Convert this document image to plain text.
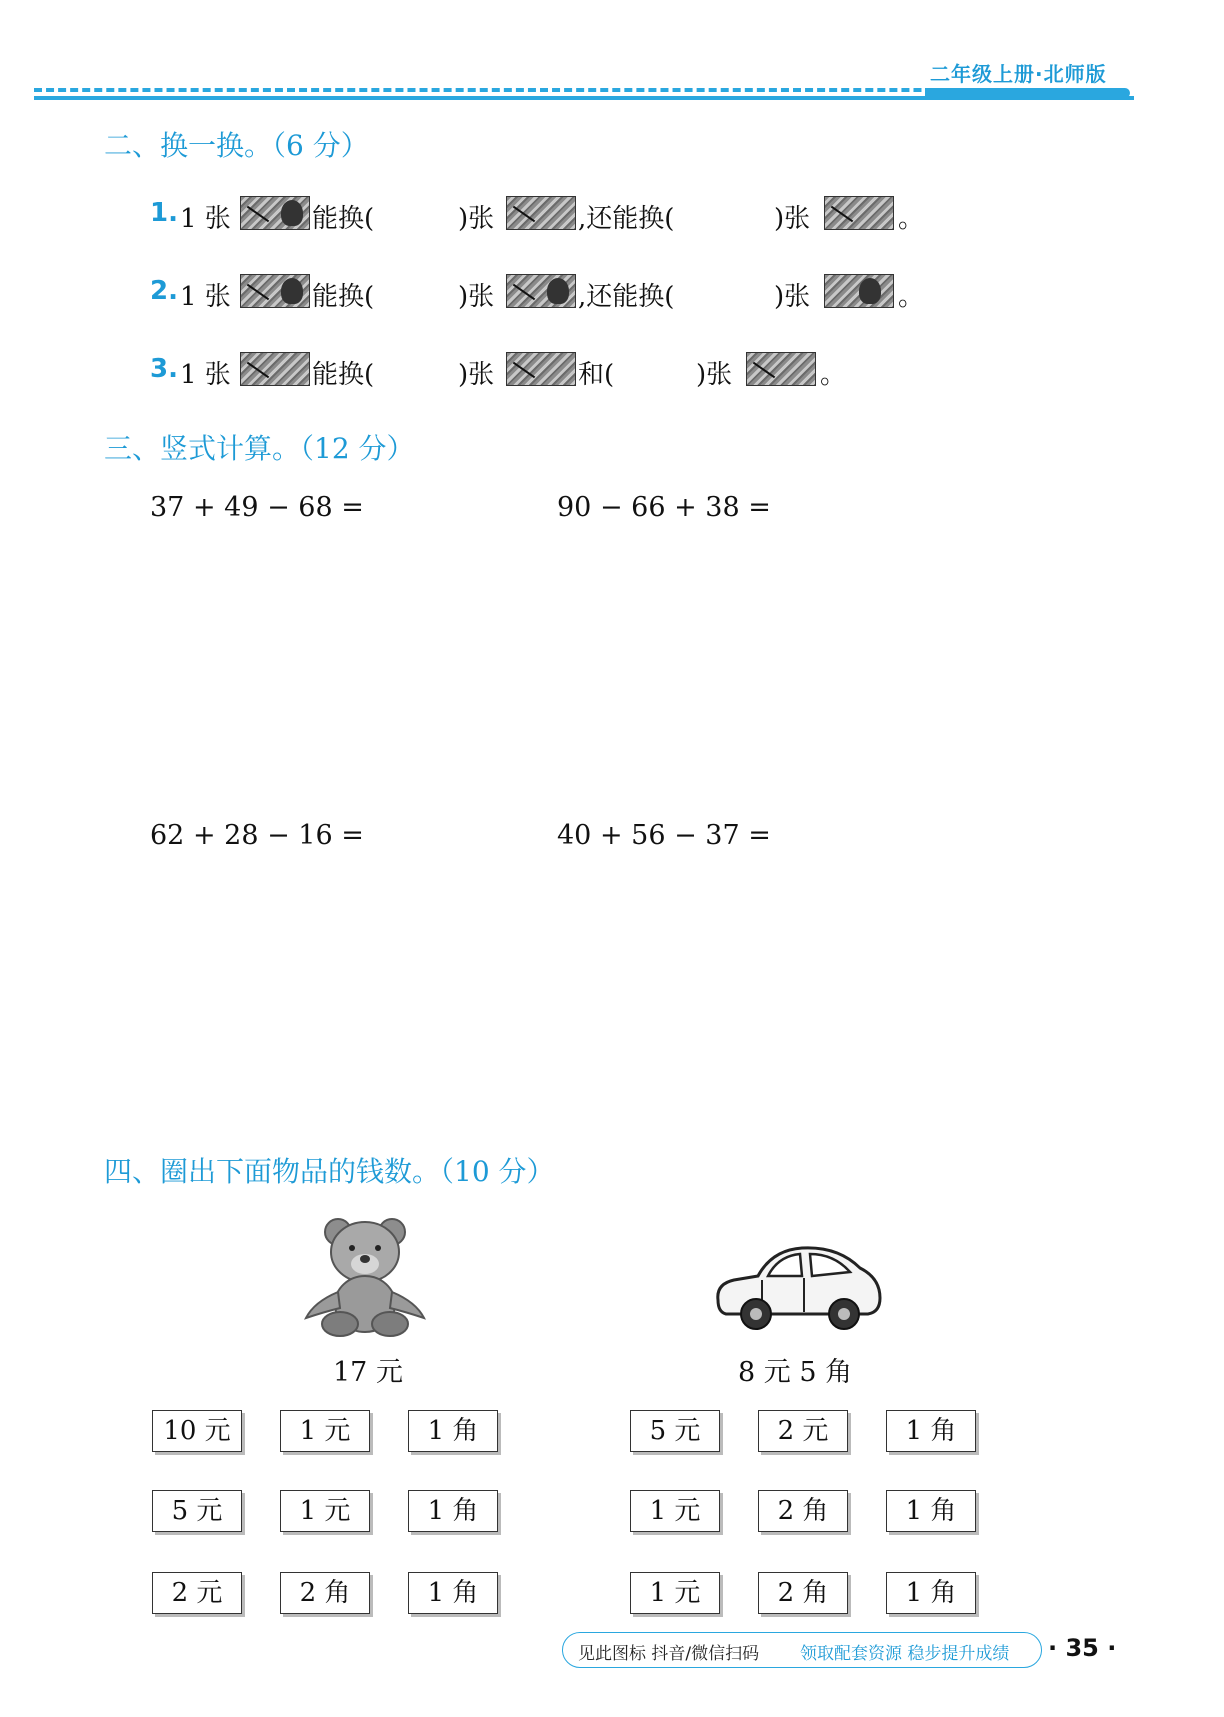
二年级上册·北师版
二、换一换。（6 分）
1. 1 张	能换(	)张	,还能换(	)张	。
2. 1 张	能换(	)张	,还能换(	)张	。
3. 1 张	能换(	)张	和(	)张	。
三、竖式计算。（12 分）
37 + 49 − 68 =	90 − 66 + 38 =
62 + 28 − 16 =	40 + 56 − 37 =
四、圈出下面物品的钱数。（10 分）
17 元	8 元 5 角
10 元	1 元	1 角
5 元	1 元	1 角
2 元	2 角	1 角
5 元	2 元	1 角
1 元	2 角	1 角
1 元	2 角	1 角
见此图标 抖音/微信扫码 领取配套资源 稳步提升成绩 · 35 ·
